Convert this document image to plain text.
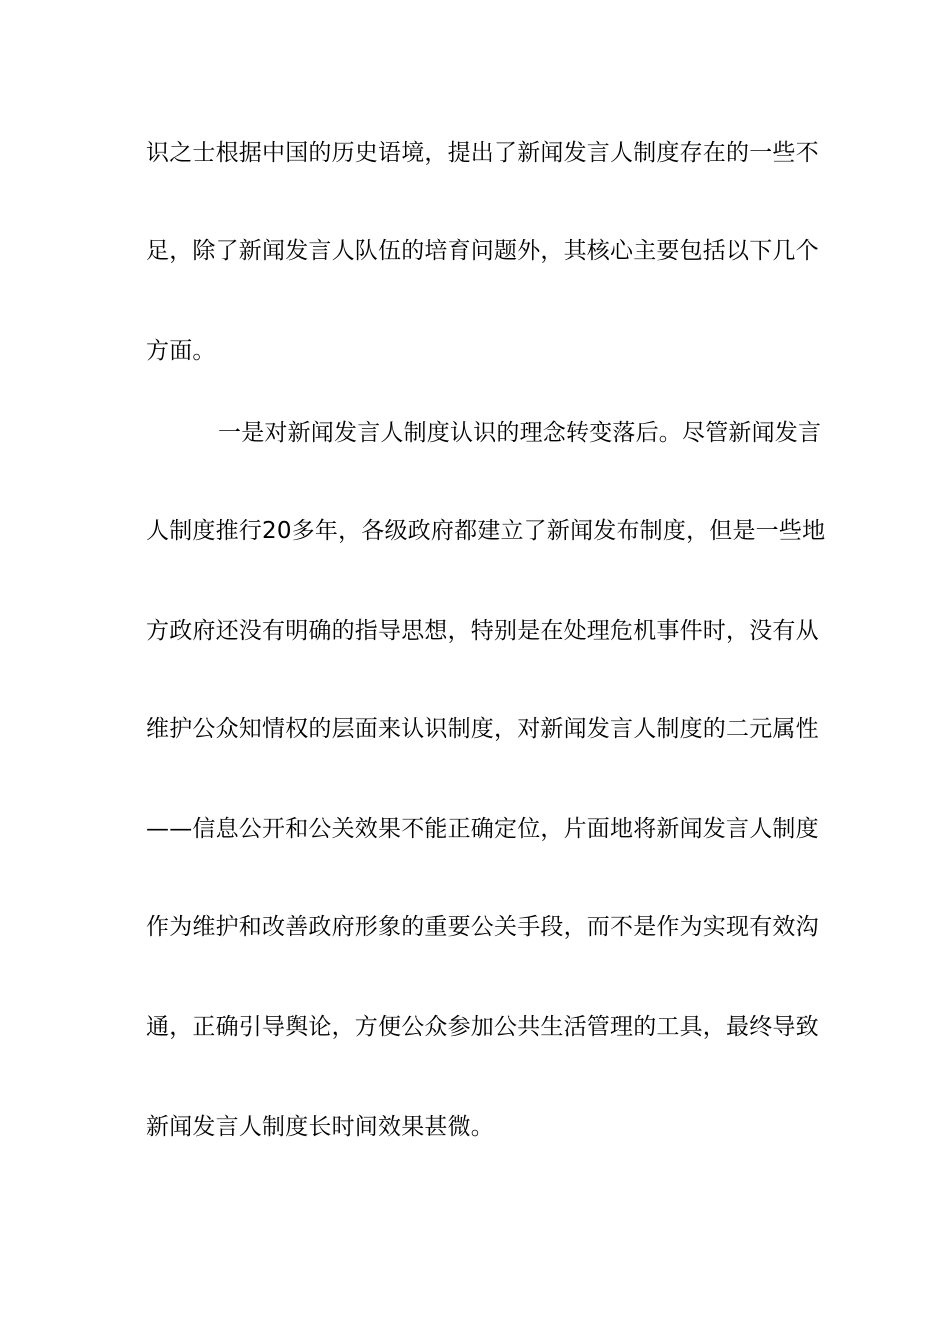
识之士根据中国的历史语境，提出了新闻发言人制度存在的一些不
足，除了新闻发言人队伍的培育问题外，其核心主要包括以下几个
方面。
一是对新闻发言人制度认识的理念转变落后。尽管新闻发言
人制度推行20多年，各级政府都建立了新闻发布制度，但是一些地
方政府还没有明确的指导思想，特别是在处理危机事件时，没有从
维护公众知情权的层面来认识制度，对新闻发言人制度的二元属性
——信息公开和公关效果不能正确定位，片面地将新闻发言人制度
作为维护和改善政府形象的重要公关手段，而不是作为实现有效沟
通，正确引导舆论，方便公众参加公共生活管理的工具，最终导致
新闻发言人制度长时间效果甚微。
